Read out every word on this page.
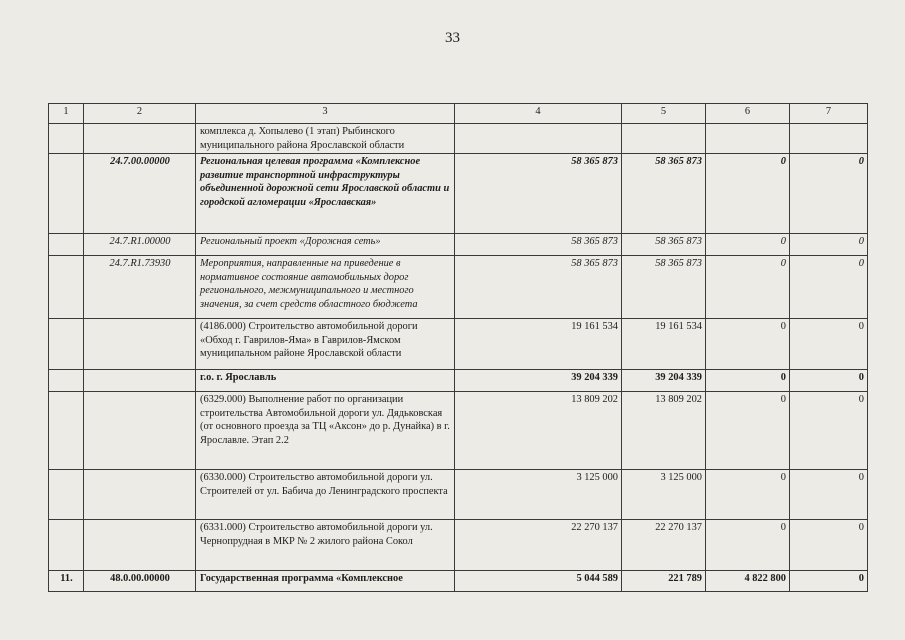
33
1	2	3	4	5	6	7
		комплекса д. Хопылево (1 этап) Рыбинского муниципального района Ярославской области				
	24.7.00.00000	Региональная целевая программа «Комплексное развитие транспортной инфраструктуры объединенной дорожной сети Ярославской области и городской агломерации «Ярославская»	58 365 873	58 365 873	0	0
	24.7.R1.00000	Региональный проект «Дорожная сеть»	58 365 873	58 365 873	0	0
	24.7.R1.73930	Мероприятия, направленные на приведение в нормативное состояние автомобильных дорог регионального, межмуниципального и местного значения, за счет средств областного бюджета	58 365 873	58 365 873	0	0
		(4186.000) Строительство автомобильной дороги «Обход г. Гаврилов-Яма» в Гаврилов-Ямском муниципальном районе Ярославской области	19 161 534	19 161 534	0	0
		г.о. г. Ярославль	39 204 339	39 204 339	0	0
		(6329.000) Выполнение работ по организации строительства Автомобильной дороги ул. Дядьковская (от основного проезда за ТЦ «Аксон» до р. Дунайка) в г. Ярославле. Этап 2.2	13 809 202	13 809 202	0	0
		(6330.000) Строительство автомобильной дороги ул. Строителей от ул. Бабича до Ленинградского проспекта	3 125 000	3 125 000	0	0
		(6331.000) Строительство автомобильной дороги ул. Чернопрудная в МКР № 2 жилого района Сокол	22 270 137	22 270 137	0	0
11.	48.0.00.00000	Государственная программа «Комплексное	5 044 589	221 789	4 822 800	0
